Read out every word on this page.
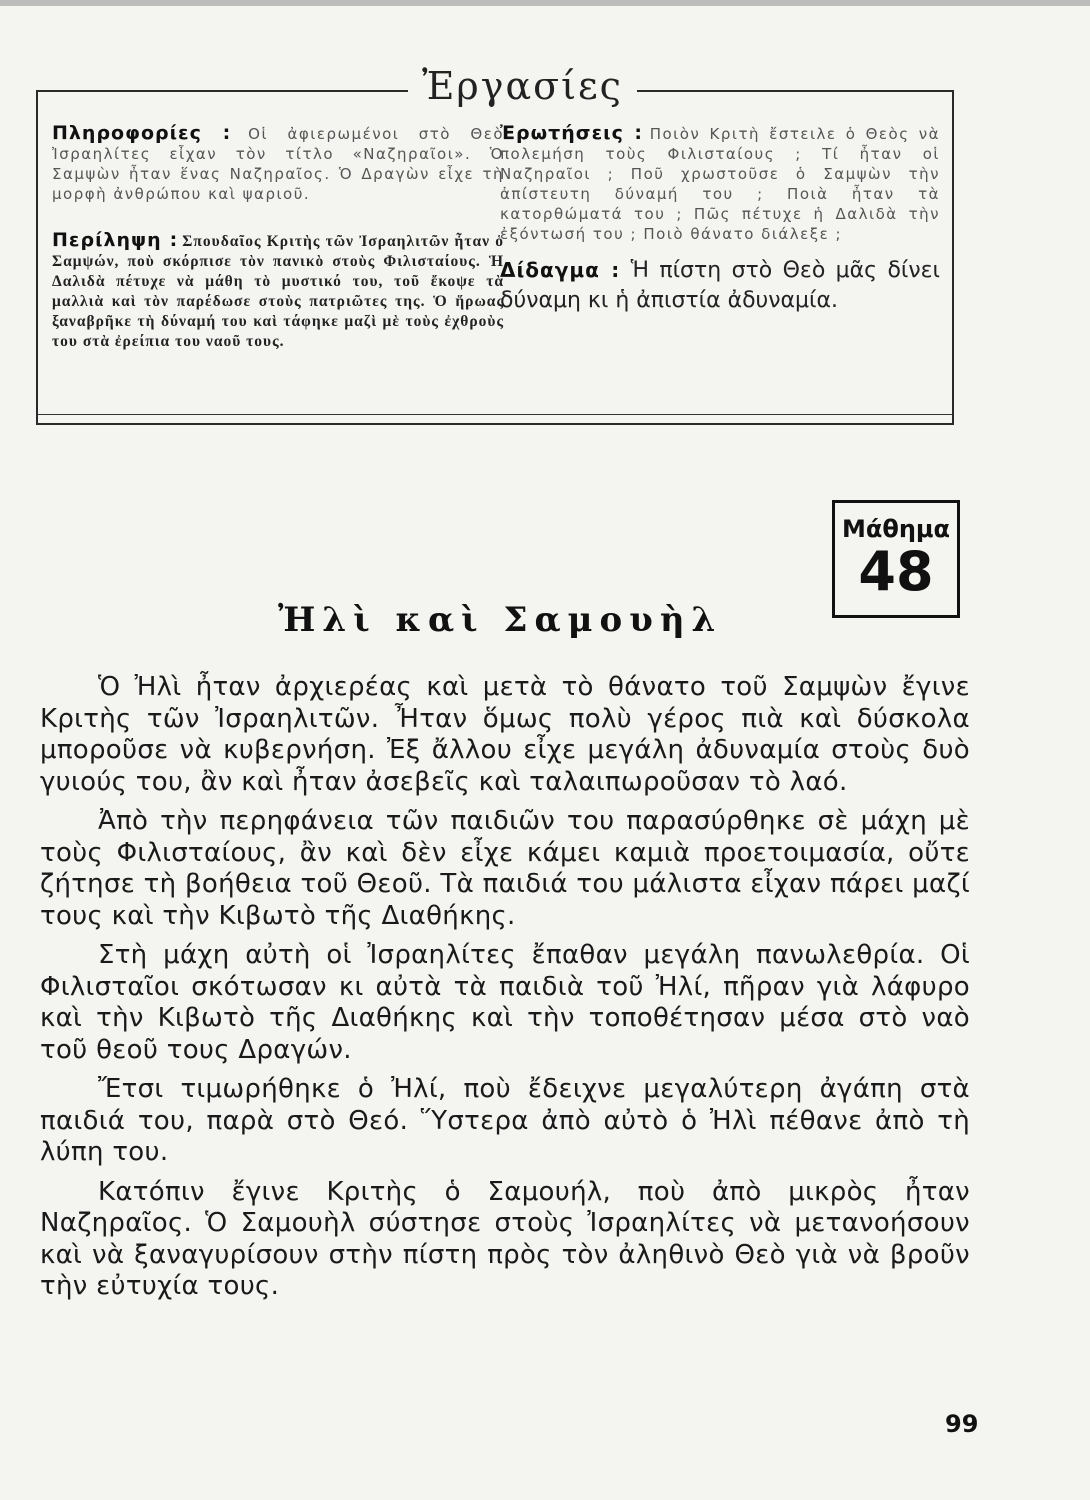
Ἐργασίες

Πληροφορίες : Οἱ ἀφιερωμένοι στὸ Θεὸ Ἰσραηλίτες εἶχαν τὸν τίτλο «Ναζηραῖοι». Ὁ Σαμψὼν ἦταν ἕνας Ναζηραῖος. Ὁ Δραγὼν εἶχε τὴ μορφὴ ἀνθρώπου καὶ ψαριοῦ.

Περίληψη : Σπουδαῖος Κριτὴς τῶν Ἰσραηλιτῶν ἦταν ὁ Σαμψών, ποὺ σκόρπισε τὸν πανικὸ στοὺς Φιλισταίους. Ἡ Δαλιδὰ πέτυχε νὰ μάθη τὸ μυστικό του, τοῦ ἔκοψε τὰ μαλλιὰ καὶ τὸν παρέδωσε στοὺς πατριῶτες της. Ὁ ἥρωας ξαναβρῆκε τὴ δύναμή του καὶ τάφηκε μαζὶ μὲ τοὺς ἐχθροὺς του στὰ ἐρείπια του ναοῦ τους.

Ἐρωτήσεις : Ποιὸν Κριτὴ ἔστειλε ὁ Θεὸς νὰ πολεμήση τοὺς Φιλισταίους ; Τί ἦταν οἱ Ναζηραῖοι ; Ποῦ χρωστοῦσε ὁ Σαμψὼν τὴν ἀπίστευτη δύναμή του ; Ποιὰ ἦταν τὰ κατορθώματά του ; Πῶς πέτυχε ἡ Δαλιδὰ τὴν ἐξόντωσή του ; Ποιὸ θάνατο διάλεξε ;

Δίδαγμα : Ἡ πίστη στὸ Θεὸ μᾶς δίνει δύναμη κι ἡ ἀπιστία ἀδυναμία.

Μάθημα
48
Ἠλὶ καὶ Σαμουὴλ

Ὁ Ἠλὶ ἦταν ἀρχιερέας καὶ μετὰ τὸ θάνατο τοῦ Σαμψὼν ἔγινε Κριτὴς τῶν Ἰσραηλιτῶν. Ἦταν ὅμως πολὺ γέρος πιὰ καὶ δύσκολα μποροῦσε νὰ κυβερνήση. Ἐξ ἄλλου εἶχε μεγάλη ἀδυναμία στοὺς δυὸ γυιούς του, ἂν καὶ ἦταν ἀσεβεῖς καὶ ταλαιπωροῦσαν τὸ λαό.

Ἀπὸ τὴν περηφάνεια τῶν παιδιῶν του παρασύρθηκε σὲ μάχη μὲ τοὺς Φιλισταίους, ἂν καὶ δὲν εἶχε κάμει καμιὰ προετοιμασία, οὔτε ζήτησε τὴ βοήθεια τοῦ Θεοῦ. Τὰ παιδιά του μάλιστα εἶχαν πάρει μαζί τους καὶ τὴν Κιβωτὸ τῆς Διαθήκης.

Στὴ μάχη αὐτὴ οἱ Ἰσραηλίτες ἔπαθαν μεγάλη πανωλεθρία. Οἱ Φιλισταῖοι σκότωσαν κι αὐτὰ τὰ παιδιὰ τοῦ Ἠλί, πῆραν γιὰ λάφυρο καὶ τὴν Κιβωτὸ τῆς Διαθήκης καὶ τὴν τοποθέτησαν μέσα στὸ ναὸ τοῦ θεοῦ τους Δραγών.

Ἔτσι τιμωρήθηκε ὁ Ἠλί, ποὺ ἔδειχνε μεγαλύτερη ἀγάπη στὰ παιδιά του, παρὰ στὸ Θεό. Ὕστερα ἀπὸ αὐτὸ ὁ Ἠλὶ πέθανε ἀπὸ τὴ λύπη του.

Κατόπιν ἔγινε Κριτὴς ὁ Σαμουήλ, ποὺ ἀπὸ μικρὸς ἦταν Ναζηραῖος. Ὁ Σαμουὴλ σύστησε στοὺς Ἰσραηλίτες νὰ μετανοήσουν καὶ νὰ ξαναγυρίσουν στὴν πίστη πρὸς τὸν ἀληθινὸ Θεὸ γιὰ νὰ βροῦν τὴν εὐτυχία τους.

99
